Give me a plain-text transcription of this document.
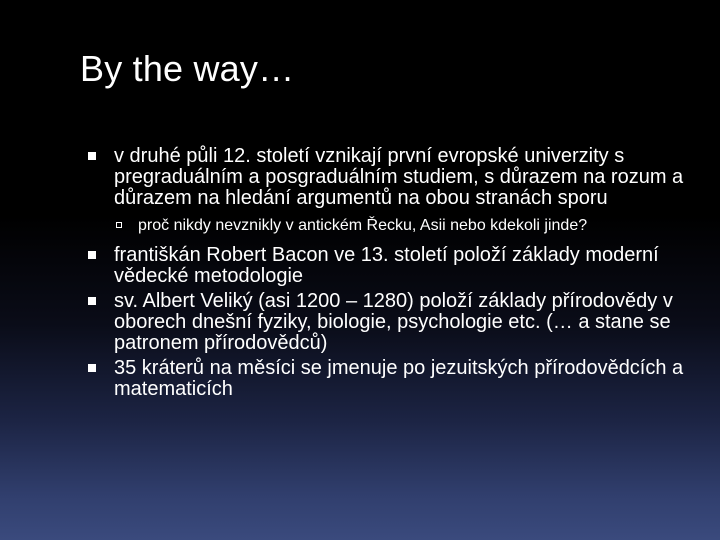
By the way…
v druhé půli 12. století vznikají první evropské univerzity s pregraduálním a posgraduálním studiem, s důrazem na rozum a důrazem na hledání argumentů na obou stranách sporu
proč nikdy nevznikly v antickém Řecku, Asii nebo kdekoli jinde?
františkán Robert Bacon ve 13. století položí základy moderní vědecké metodologie
sv. Albert Veliký (asi 1200 – 1280) položí základy přírodovědy v oborech dnešní fyziky, biologie, psychologie etc. (… a stane se patronem přírodovědců)
35 kráterů na měsíci se jmenuje po jezuitských přírodovědcích a matematicích
